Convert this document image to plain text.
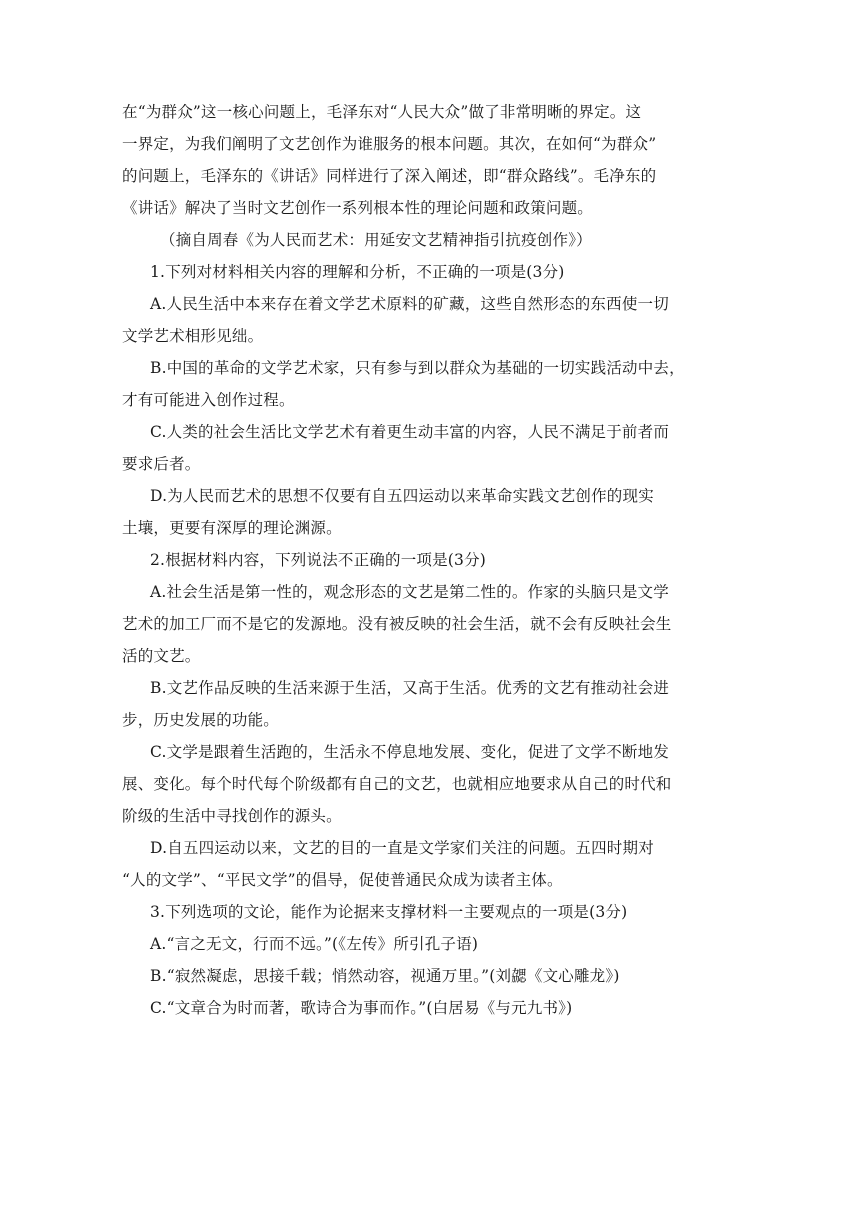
在“为群众”这一核心问题上，毛泽东对“人民大众”做了非常明晰的界定。这
一界定，为我们阐明了文艺创作为谁服务的根本问题。其次，在如何“为群众”
的问题上，毛泽东的《讲话》同样进行了深入阐述，即“群众路线”。毛净东的
《讲话》解决了当时文艺创作一系列根本性的理论问题和政策问题。
（摘自周春《为人民而艺术：用延安文艺精神指引抗疫创作》）
1.下列对材料相关内容的理解和分析，不正确的一项是(3分)
A.人民生活中本来存在着文学艺术原料的矿藏，这些自然形态的东西使一切
文学艺术相形见绌。
B.中国的革命的文学艺术家，只有参与到以群众为基础的一切实践活动中去，
才有可能进入创作过程。
C.人类的社会生活比文学艺术有着更生动丰富的内容，人民不满足于前者而
要求后者。
D.为人民而艺术的思想不仅要有自五四运动以来革命实践文艺创作的现实
土壤，更要有深厚的理论渊源。
2.根据材料内容，下列说法不正确的一项是(3分)
A.社会生活是第一性的，观念形态的文艺是第二性的。作家的头脑只是文学
艺术的加工厂而不是它的发源地。没有被反映的社会生活，就不会有反映社会生
活的文艺。
B.文艺作品反映的生活来源于生活，又高于生活。优秀的文艺有推动社会进
步，历史发展的功能。
C.文学是跟着生活跑的，生活永不停息地发展、变化，促进了文学不断地发
展、变化。每个时代每个阶级都有自己的文艺，也就相应地要求从自己的时代和
阶级的生活中寻找创作的源头。
D.自五四运动以来，文艺的目的一直是文学家们关注的问题。五四时期对
“人的文学”、“平民文学”的倡导，促使普通民众成为读者主体。
3.下列选项的文论，能作为论据来支撑材料一主要观点的一项是(3分)
A.“言之无文，行而不远。”(《左传》所引孔子语)
B.“寂然凝虑，思接千载；悄然动容，视通万里。”(刘勰《文心雕龙》)
C.“文章合为时而著，歌诗合为事而作。”(白居易《与元九书》)
